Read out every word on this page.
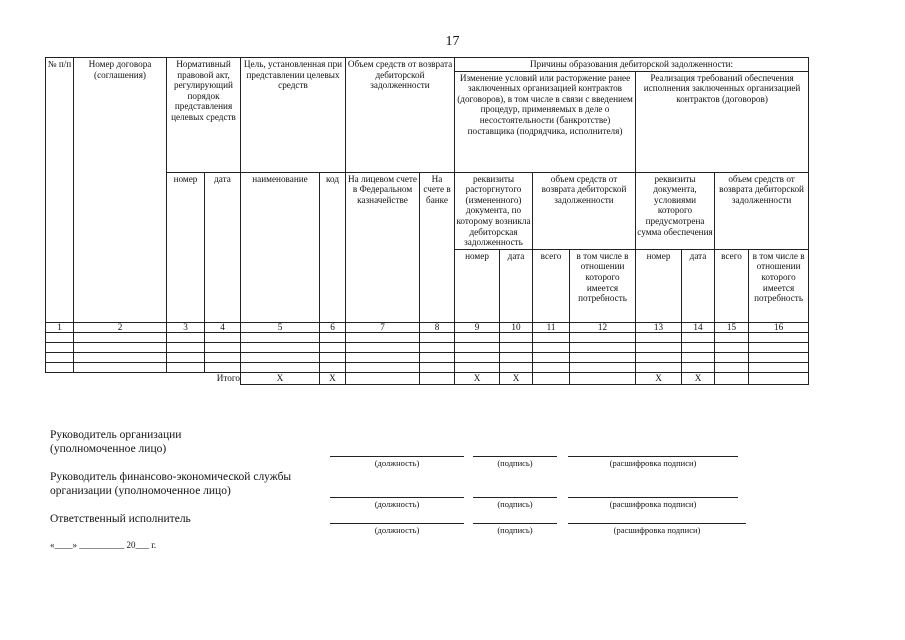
17
№ п/п	Номер договора (соглашения)	Нормативный правовой акт, регулирующий порядок представления целевых средств		Цель, установленная при представлении целевых средств		Объем средств от возврата дебиторской задолженности		Причины образования дебиторской задолженности:							
								Изменение условий или расторжение ранее заключенных организацией контрактов (договоров), в том числе в связи с введением процедур, применяемых в деле о несостоятельности (банкротстве) поставщика (подрядчика, исполнителя)				Реализация требований обеспечения исполнения заключенных организацией контрактов (договоров)			
		номер	дата	наименование	код	На лицевом счете в Федеральном казначействе	На счете в банке	реквизиты расторгнутого (измененного) документа, по которому возникла дебиторская задолженность		объем средств от возврата дебиторской задолженности		реквизиты документа, условиями которого предусмотрена сумма обеспечения		объем средств от возврата дебиторской задолженности	
								номер	дата	всего	в том числе в отношении которого имеется потребность	номер	дата	всего	в том числе в отношении которого имеется потребность
1	2	3	4	5	6	7	8	9	10	11	12	13	14	15	16

Итого				Х	Х			Х	Х			Х	Х		
Руководитель организации (уполномоченное лицо)
(должность)	(подпись)	(расшифровка подписи)
Руководитель финансово-экономической службы организации (уполномоченное лицо)
(должность)	(подпись)	(расшифровка подписи)
Ответственный исполнитель
(должность)	(подпись)	(расшифровка подписи)
«____» __________ 20___ г.
